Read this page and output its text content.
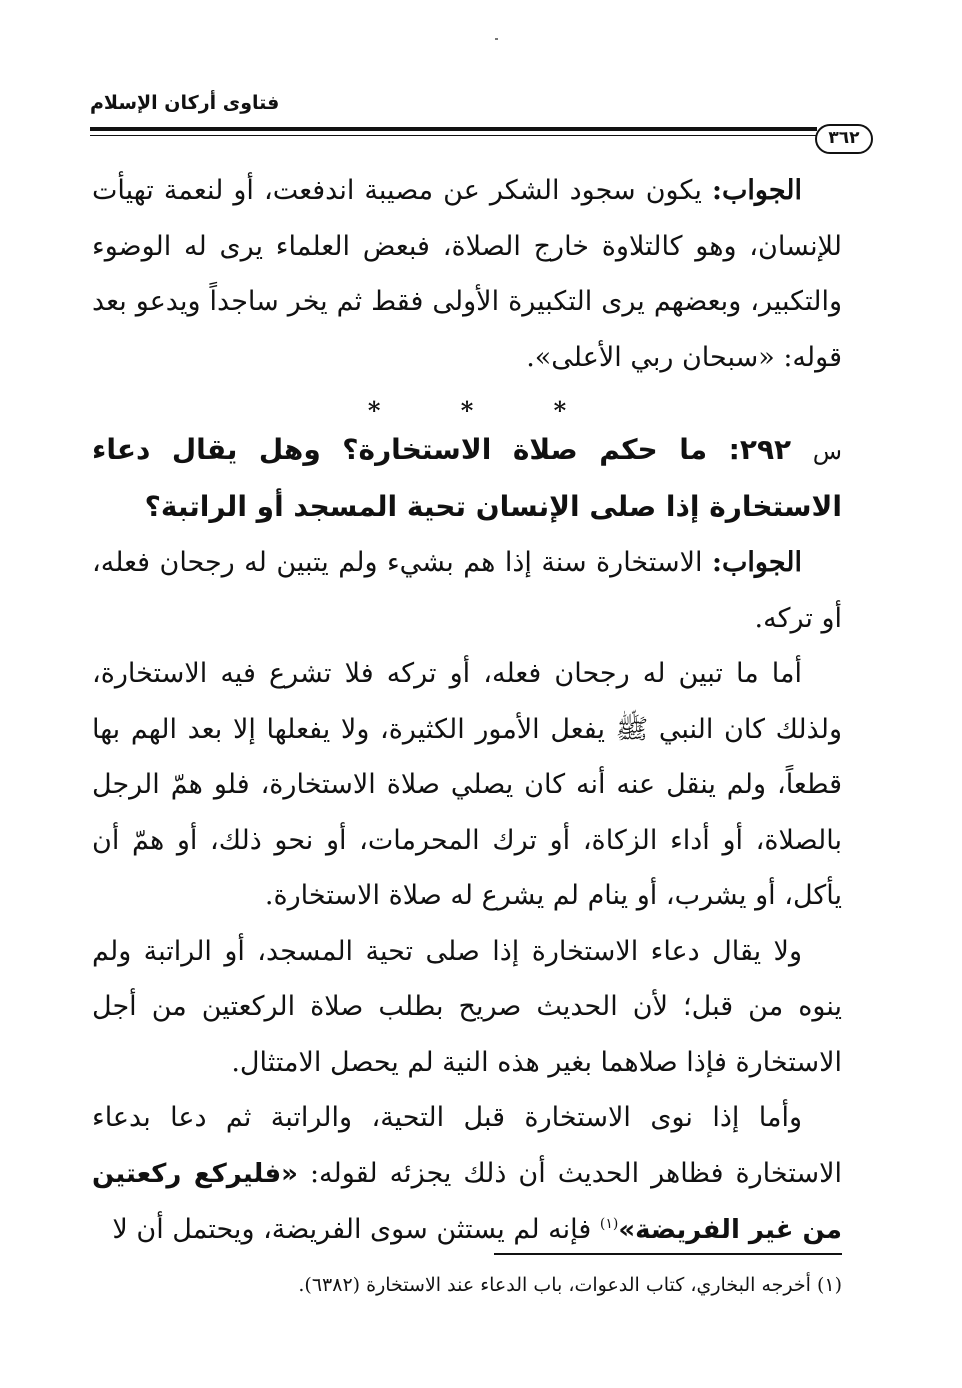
فتاوى أركان الإسلام
٣٦٢

الجواب: يكون سجود الشكر عن مصيبة اندفعت، أو لنعمة تهيأت للإنسان، وهو كالتلاوة خارج الصلاة، فبعض العلماء يرى له الوضوء والتكبير، وبعضهم يرى التكبيرة الأولى فقط ثم يخر ساجداً ويدعو بعد قوله: «سبحان ربي الأعلى».

* * *

س ٢٩٢: ما حكم صلاة الاستخارة؟ وهل يقال دعاء الاستخارة إذا صلى الإنسان تحية المسجد أو الراتبة؟

الجواب: الاستخارة سنة إذا هم بشيء ولم يتبين له رجحان فعله، أو تركه.

أما ما تبين له رجحان فعله، أو تركه فلا تشرع فيه الاستخارة، ولذلك كان النبي ﷺ يفعل الأمور الكثيرة، ولا يفعلها إلا بعد الهم بها قطعاً، ولم ينقل عنه أنه كان يصلي صلاة الاستخارة، فلو همّ الرجل بالصلاة، أو أداء الزكاة، أو ترك المحرمات، أو نحو ذلك، أو همّ أن يأكل، أو يشرب، أو ينام لم يشرع له صلاة الاستخارة.

ولا يقال دعاء الاستخارة إذا صلى تحية المسجد، أو الراتبة ولم ينوه من قبل؛ لأن الحديث صريح بطلب صلاة الركعتين من أجل الاستخارة فإذا صلاهما بغير هذه النية لم يحصل الامتثال.

وأما إذا نوى الاستخارة قبل التحية، والراتبة ثم دعا بدعاء الاستخارة فظاهر الحديث أن ذلك يجزئه لقوله: «فليركع ركعتين من غير الفريضة»$^{(١)}$ فإنه لم يستثن سوى الفريضة، ويحتمل أن لا

(١) أخرجه البخاري، كتاب الدعوات، باب الدعاء عند الاستخارة (٦٣٨٢).
